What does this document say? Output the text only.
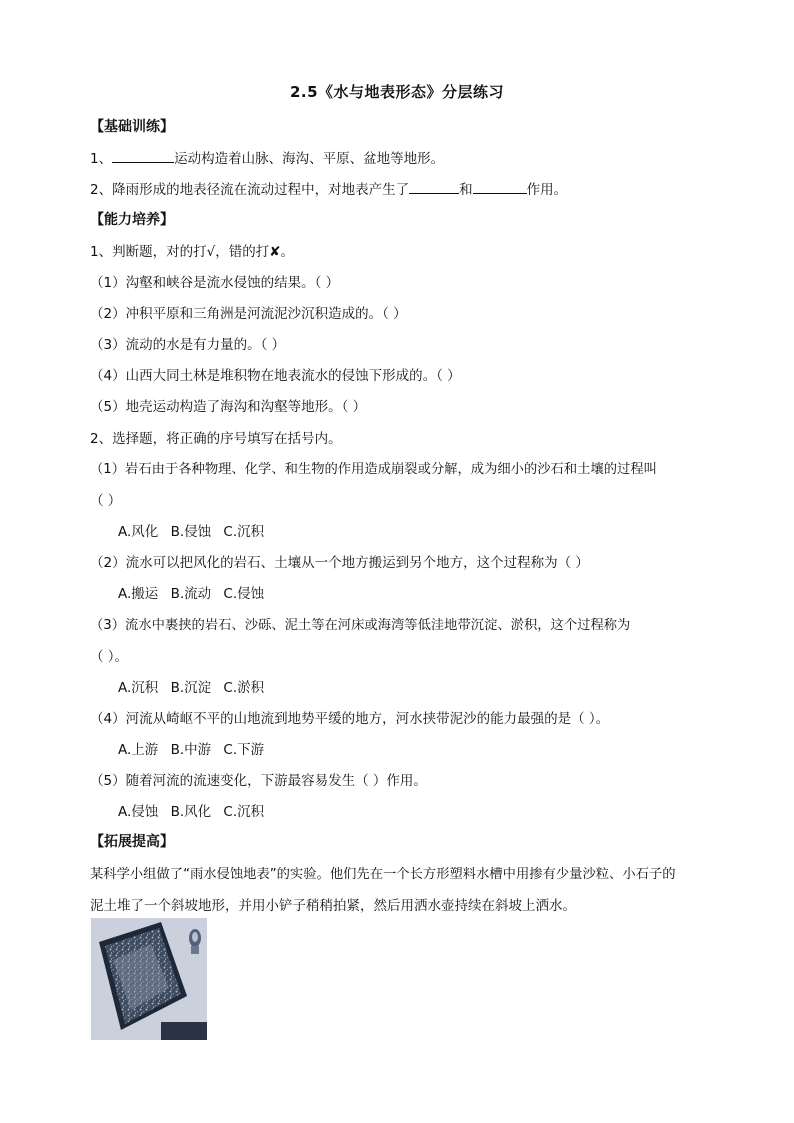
2.5《水与地表形态》分层练习
【基础训练】
1、	运动构造着山脉、海沟、平原、盆地等地形。
2、降雨形成的地表径流在流动过程中，对地表产生了	和	作用。
【能力培养】
1、判断题，对的打√，错的打✘。
（1）沟壑和峡谷是流水侵蚀的结果。（ ）
（2）冲积平原和三角洲是河流泥沙沉积造成的。（ ）
（3）流动的水是有力量的。（ ）
（4）山西大同土林是堆积物在地表流水的侵蚀下形成的。（ ）
（5）地壳运动构造了海沟和沟壑等地形。（ ）
2、选择题，将正确的序号填写在括号内。
（1）岩石由于各种物理、化学、和生物的作用造成崩裂或分解，成为细小的沙石和土壤的过程叫
（ ）
A.风化 B.侵蚀 C.沉积
（2）流水可以把风化的岩石、土壤从一个地方搬运到另个地方，这个过程称为（ ）
A.搬运 B.流动 C.侵蚀
（3）流水中裹挟的岩石、沙砾、泥土等在河床或海湾等低洼地带沉淀、淤积，这个过程称为
（ ）。
A.沉积 B.沉淀 C.淤积
（4）河流从崎岖不平的山地流到地势平缓的地方，河水挟带泥沙的能力最强的是（ ）。
A.上游 B.中游 C.下游
（5）随着河流的流速变化，下游最容易发生（ ）作用。
A.侵蚀 B.风化 C.沉积
【拓展提高】
某科学小组做了“雨水侵蚀地表”的实验。他们先在一个长方形塑料水槽中用掺有少量沙粒、小石子的
泥土堆了一个斜坡地形，并用小铲子稍稍拍紧，然后用洒水壶持续在斜坡上洒水。
